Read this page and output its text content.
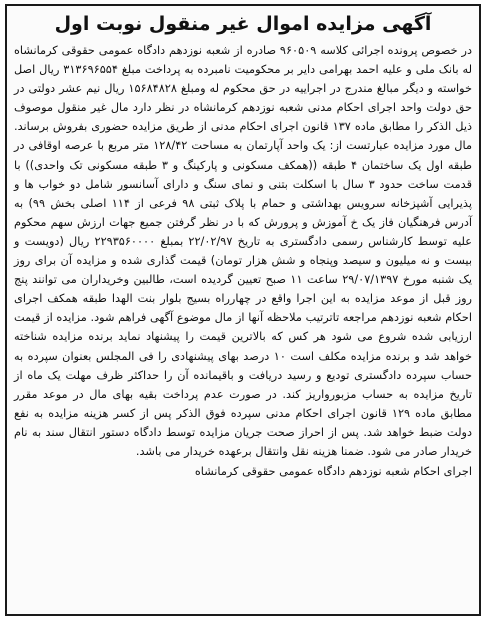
آگهی مزایده اموال غیر منقول نوبت اول

در خصوص پرونده اجرائی کلاسه ۹۶۰۵۰۹ صادره از شعبه نوزدهم دادگاه عمومی حقوقی کرمانشاه له بانک ملی و علیه احمد بهرامی دایر بر محکومیت نامبرده به پرداخت مبلغ ۳۱۳۶۹۶۵۵۴ ریال اصل خواسته و دیگر مبالغ مندرج در اجراییه در حق محکوم له ومبلغ ۱۵۶۸۴۸۲۸ ریال نیم عشر دولتی در حق دولت واحد اجرای احکام مدنی شعبه نوزدهم کرمانشاه در نظر دارد مال غیر منقول موصوف ذیل الذکر را مطابق ماده ۱۳۷ قانون اجرای احکام مدنی از طریق مزایده حضوری بفروش برساند. مال مورد مزایده عبارتست از: یک واحد آپارتمان به مساحت ۱۲۸/۴۲ متر مربع با عرصه اوقافی در طبقه اول یک ساختمان ۴ طبقه ((همکف مسکونی و پارکینگ و ۳ طبقه مسکونی تک واحدی)) با قدمت ساخت حدود ۳ سال با اسکلت بتنی و نمای سنگ و دارای آسانسور شامل دو خواب ها و پذیرایی آشپزخانه سرویس بهداشتی و حمام با پلاک ثبتی ۹۸ فرعی از ۱۱۴ اصلی بخش ۹۹) به آدرس فرهنگیان فاز یک خ آموزش و پرورش که با در نظر گرفتن جمیع جهات ارزش سهم محکوم علیه توسط کارشناس رسمی دادگستری به تاریخ ۲۲/۰۲/۹۷ بمبلغ ۲۲۹۳۵۶۰۰۰۰ ریال (دویست و بیست و نه میلیون و سیصد وپنجاه و شش هزار تومان) قیمت گذاری شده و مزایده آن برای روز یک شنبه مورخ ۲۹/۰۷/۱۳۹۷ ساعت ۱۱ صبح تعیین گردیده است، طالبین وخریداران می توانند پنج روز قبل از موعد مزایده به این اجرا واقع در چهارراه بسیج بلوار بنت الهدا طبقه همکف اجرای احکام شعبه نوزدهم مراجعه تاترتیب ملاحظه آنها از مال موضوع آگهی فراهم شود. مزایده از قیمت ارزیابی شده شروع می شود هر کس که بالاترین قیمت را پیشنهاد نماید برنده مزایده شناخته خواهد شد و برنده مزایده مکلف است ۱۰ درصد بهای پیشنهادی را فی المجلس بعنوان سپرده به حساب سپرده دادگستری تودیع و رسید دریافت و باقیمانده آن را حداکثر ظرف مهلت یک ماه از تاریخ مزایده به حساب مزبورواریز کند. در صورت عدم پرداخت بقیه بهای مال در موعد مقرر مطابق ماده ۱۲۹ قانون اجرای احکام مدنی سپرده فوق الذکر پس از کسر هزینه مزایده به نفع دولت ضبط خواهد شد. پس از احراز صحت جریان مزایده توسط دادگاه دستور انتقال سند به نام خریدار صادر می شود. ضمنا هزینه نقل وانتقال برعهده خریدار می باشد.

اجرای احکام شعبه نوزدهم دادگاه عمومی حقوقی کرمانشاه
